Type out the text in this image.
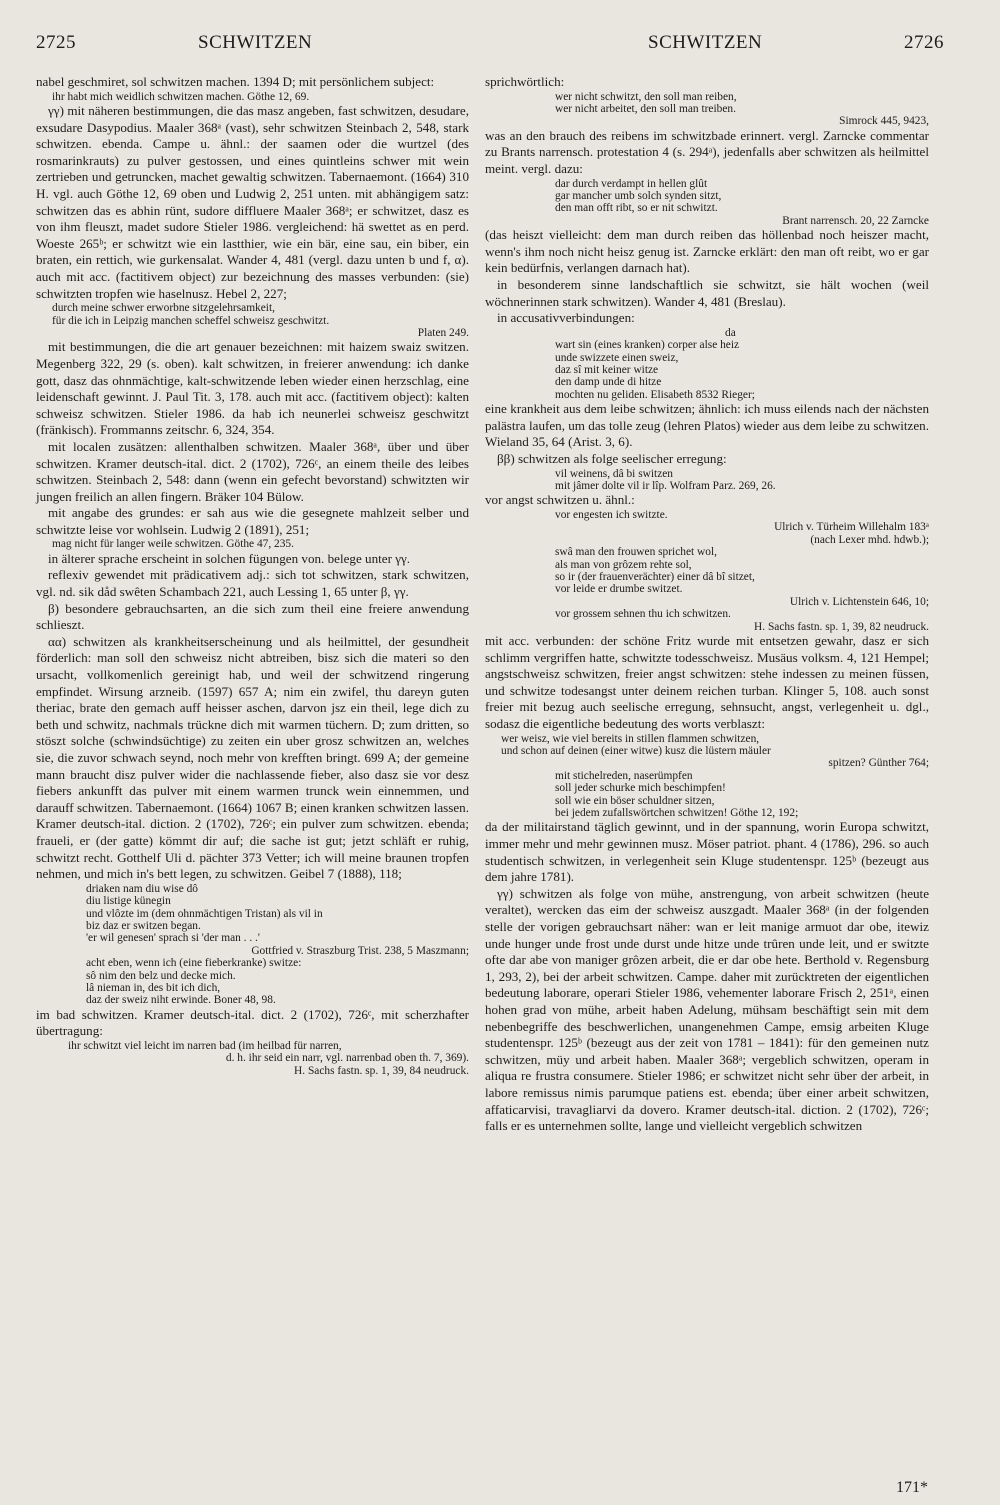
2725	SCHWITZEN	SCHWITZEN	2726

nabel geschmiret, sol schwitzen machen. 1394 D; mit persönlichem subject:

ihr habt mich weidlich schwitzen machen. Göthe 12, 69.

γγ) mit näheren bestimmungen, die das masz angeben, fast schwitzen, desudare, exsudare Dasypodius. Maaler 368ᵃ (vast), sehr schwitzen Steinbach 2, 548, stark schwitzen. ebenda. Campe u. ähnl.: der saamen oder die wurtzel (des rosmarinkrauts) zu pulver gestossen, und eines quintleins schwer mit wein zertrieben und getruncken, machet gewaltig schwitzen. Tabernaemont. (1664) 310 H. vgl. auch Göthe 12, 69 oben und Ludwig 2, 251 unten. mit abhängigem satz: schwitzen das es abhin rünt, sudore diffluere Maaler 368ᵃ; er schwitzet, dasz es von ihm fleuszt, madet sudore Stieler 1986. vergleichend: hä swettet as en perd. Woeste 265ᵇ; er schwitzt wie ein lastthier, wie ein bär, eine sau, ein biber, ein braten, ein rettich, wie gurkensalat. Wander 4, 481 (vergl. dazu unten b und f, α). auch mit acc. (factitivem object) zur bezeichnung des masses verbunden: (sie) schwitzten tropfen wie haselnusz. Hebel 2, 227;

durch meine schwer erworbne sitzgelehrsamkeit,

für die ich in Leipzig manchen scheffel schweisz geschwitzt.

Platen 249.

mit bestimmungen, die die art genauer bezeichnen: mit haizem swaiz switzen. Megenberg 322, 29 (s. oben). kalt schwitzen, in freierer anwendung: ich danke gott, dasz das ohnmächtige, kalt-schwitzende leben wieder einen herzschlag, eine leidenschaft gewinnt. J. Paul Tit. 3, 178. auch mit acc. (factitivem object): kalten schweisz schwitzen. Stieler 1986. da hab ich neunerlei schweisz geschwitzt (fränkisch). Frommanns zeitschr. 6, 324, 354.

mit localen zusätzen: allenthalben schwitzen. Maaler 368ᵃ, über und über schwitzen. Kramer deutsch-ital. dict. 2 (1702), 726ᶜ, an einem theile des leibes schwitzen. Steinbach 2, 548: dann (wenn ein gefecht bevorstand) schwitzten wir jungen freilich an allen fingern. Bräker 104 Bülow.

mit angabe des grundes: er sah aus wie die gesegnete mahlzeit selber und schwitzte leise vor wohlsein. Ludwig 2 (1891), 251;

mag nicht für langer weile schwitzen. Göthe 47, 235.

in älterer sprache erscheint in solchen fügungen von. belege unter γγ.

reflexiv gewendet mit prädicativem adj.: sich tot schwitzen, stark schwitzen, vgl. nd. sik dåd swêten Schambach 221, auch Lessing 1, 65 unter β, γγ.

β) besondere gebrauchsarten, an die sich zum theil eine freiere anwendung schlieszt.

αα) schwitzen als krankheitserscheinung und als heilmittel, der gesundheit förderlich: man soll den schweisz nicht abtreiben, bisz sich die materi so den ursacht, vollkomenlich gereinigt hab, und weil der schwitzend ringerung empfindet. Wirsung arzneib. (1597) 657 A; nim ein zwifel, thu dareyn guten theriac, brate den gemach auff heisser aschen, darvon jsz ein theil, lege dich zu beth und schwitz, nachmals trückne dich mit warmen tüchern. D; zum dritten, so stöszt solche (schwindsüchtige) zu zeiten ein uber grosz schwitzen an, welches sie, die zuvor schwach seynd, noch mehr von krefften bringt. 699 A; der gemeine mann braucht disz pulver wider die nachlassende fieber, also dasz sie vor desz fiebers ankunfft das pulver mit einem warmen trunck wein einnemmen, und darauff schwitzen. Tabernaemont. (1664) 1067 B; einen kranken schwitzen lassen. Kramer deutsch-ital. diction. 2 (1702), 726ᶜ; ein pulver zum schwitzen. ebenda; fraueli, er (der gatte) kömmt dir auf; die sache ist gut; jetzt schläft er ruhig, schwitzt recht. Gotthelf Uli d. pächter 373 Vetter; ich will meine braunen tropfen nehmen, und mich in's bett legen, zu schwitzen. Geibel 7 (1888), 118;

driaken nam diu wise dô

diu listige künegin

und vlôzte im (dem ohnmächtigen Tristan) als vil in

biz daz er switzen began.

'er wil genesen' sprach si 'der man . . .'

Gottfried v. Straszburg Trist. 238, 5 Maszmann;

acht eben, wenn ich (eine fieberkranke) switze:

sô nim den belz und decke mich.

lâ nieman in, des bit ich dich,

daz der sweiz niht erwinde. Boner 48, 98.

im bad schwitzen. Kramer deutsch-ital. dict. 2 (1702), 726ᶜ, mit scherzhafter übertragung:

ihr schwitzt viel leicht im narren bad (im heilbad für narren,

d. h. ihr seid ein narr, vgl. narrenbad oben th. 7, 369).

H. Sachs fastn. sp. 1, 39, 84 neudruck.

sprichwörtlich:

wer nicht schwitzt, den soll man reiben,

wer nicht arbeitet, den soll man treiben.

Simrock 445, 9423,

was an den brauch des reibens im schwitzbade erinnert. vergl. Zarncke commentar zu Brants narrensch. protestation 4 (s. 294ᵃ), jedenfalls aber schwitzen als heilmittel meint. vergl. dazu:

dar durch verdampt in hellen glût

gar mancher umb solch synden sitzt,

den man offt ribt, so er nit schwitzt.

Brant narrensch. 20, 22 Zarncke

(das heiszt vielleicht: dem man durch reiben das höllenbad noch heiszer macht, wenn's ihm noch nicht heisz genug ist. Zarncke erklärt: den man oft reibt, wo er gar kein bedürfnis, verlangen darnach hat).

in besonderem sinne landschaftlich sie schwitzt, sie hält wochen (weil wöchnerinnen stark schwitzen). Wander 4, 481 (Breslau).

in accusativverbindungen:

da

wart sin (eines kranken) corper alse heiz

unde swizzete einen sweiz,

daz sî mit keiner witze

den damp unde di hitze

mochten nu geliden. Elisabeth 8532 Rieger;

eine krankheit aus dem leibe schwitzen; ähnlich: ich muss eilends nach der nächsten palästra laufen, um das tolle zeug (lehren Platos) wieder aus dem leibe zu schwitzen. Wieland 35, 64 (Arist. 3, 6).

ββ) schwitzen als folge seelischer erregung:

vil weinens, dâ bi switzen

mit jâmer dolte vil ir lîp. Wolfram Parz. 269, 26.

vor angst schwitzen u. ähnl.:

vor engesten ich switzte.

Ulrich v. Türheim Willehalm 183ᵃ

(nach Lexer mhd. hdwb.);

swâ man den frouwen sprichet wol,

als man von grôzem rehte sol,

so ir (der frauenverächter) einer dâ bî sitzet,

vor leide er drumbe switzet.

Ulrich v. Lichtenstein 646, 10;

vor grossem sehnen thu ich schwitzen.

H. Sachs fastn. sp. 1, 39, 82 neudruck.

mit acc. verbunden: der schöne Fritz wurde mit entsetzen gewahr, dasz er sich schlimm vergriffen hatte, schwitzte todesschweisz. Musäus volksm. 4, 121 Hempel; angstschweisz schwitzen, freier angst schwitzen: stehe indessen zu meinen füssen, und schwitze todesangst unter deinem reichen turban. Klinger 5, 108. auch sonst freier mit bezug auch seelische erregung, sehnsucht, angst, verlegenheit u. dgl., sodasz die eigentliche bedeutung des worts verblaszt:

wer weisz, wie viel bereits in stillen flammen schwitzen,

und schon auf deinen (einer witwe) kusz die lüstern mäuler

spitzen? Günther 764;

mit stichelreden, naserümpfen

soll jeder schurke mich beschimpfen!

soll wie ein böser schuldner sitzen,

bei jedem zufallswörtchen schwitzen! Göthe 12, 192;

da der militairstand täglich gewinnt, und in der spannung, worin Europa schwitzt, immer mehr und mehr gewinnen musz. Möser patriot. phant. 4 (1786), 296. so auch studentisch schwitzen, in verlegenheit sein Kluge studentenspr. 125ᵇ (bezeugt aus dem jahre 1781).

γγ) schwitzen als folge von mühe, anstrengung, von arbeit schwitzen (heute veraltet), wercken das eim der schweisz auszgadt. Maaler 368ᵃ (in der folgenden stelle der vorigen gebrauchsart näher: wan er leit manige armuot dar obe, itewiz unde hunger unde frost unde durst unde hitze unde trûren unde leit, und er switzte ofte dar abe von maniger grôzen arbeit, die er dar obe hete. Berthold v. Regensburg 1, 293, 2), bei der arbeit schwitzen. Campe. daher mit zurücktreten der eigentlichen bedeutung laborare, operari Stieler 1986, vehementer laborare Frisch 2, 251ᵃ, einen hohen grad von mühe, arbeit haben Adelung, mühsam beschäftigt sein mit dem nebenbegriffe des beschwerlichen, unangenehmen Campe, emsig arbeiten Kluge studentenspr. 125ᵇ (bezeugt aus der zeit von 1781 – 1841): für den gemeinen nutz schwitzen, müy und arbeit haben. Maaler 368ᵃ; vergeblich schwitzen, operam in aliqua re frustra consumere. Stieler 1986; er schwitzet nicht sehr über der arbeit, in labore remissus nimis parumque patiens est. ebenda; über einer arbeit schwitzen, affaticarvisi, travagliarvi da dovero. Kramer deutsch-ital. diction. 2 (1702), 726ᶜ; falls er es unternehmen sollte, lange und vielleicht vergeblich schwitzen

171*
